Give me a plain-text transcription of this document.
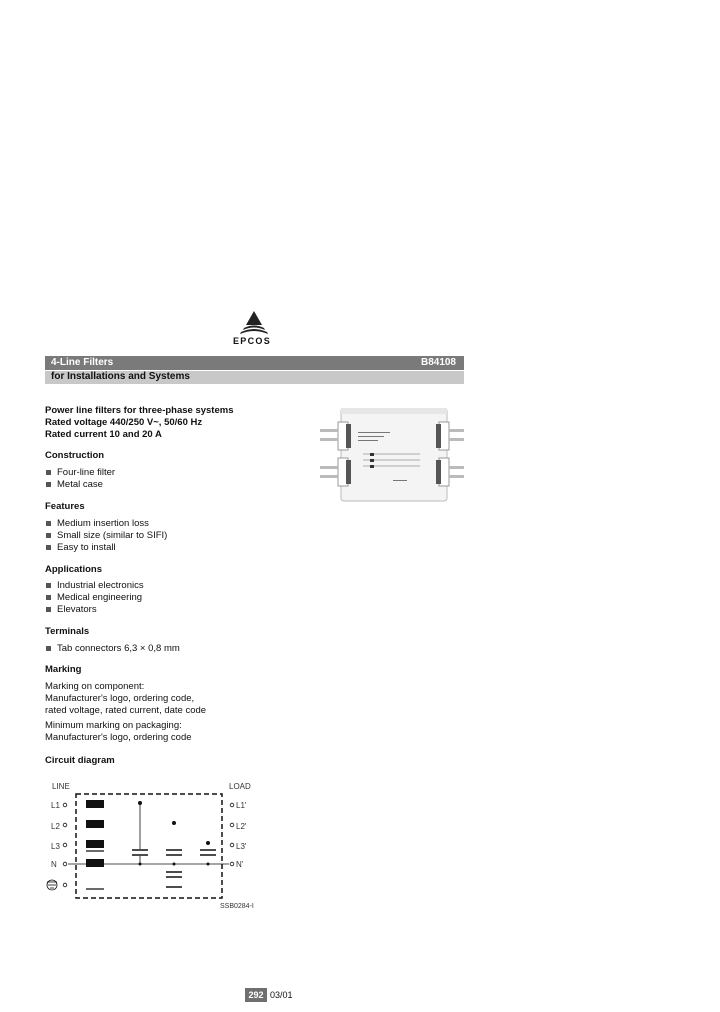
EPCOS
4-Line Filters	B84108
for Installations and Systems
Power line filters for three-phase systems
Rated voltage 440/250 V~, 50/60 Hz
Rated current 10 and 20 A
Construction
Four-line filter
Metal case
Features
Medium insertion loss
Small size (similar to SIFI)
Easy to install
Applications
Industrial electronics
Medical engineering
Elevators
Terminals
Tab connectors 6,3 × 0,8 mm
Marking
Marking on component:
Manufacturer's logo, ordering code,
rated voltage, rated current, date code
Minimum marking on packaging:
Manufacturer's logo, ordering code
Circuit diagram
LINE	LOAD
L1
L2
L3
N
L1'
L2'
L3'
N'
SSB0284-I
292 03/01
